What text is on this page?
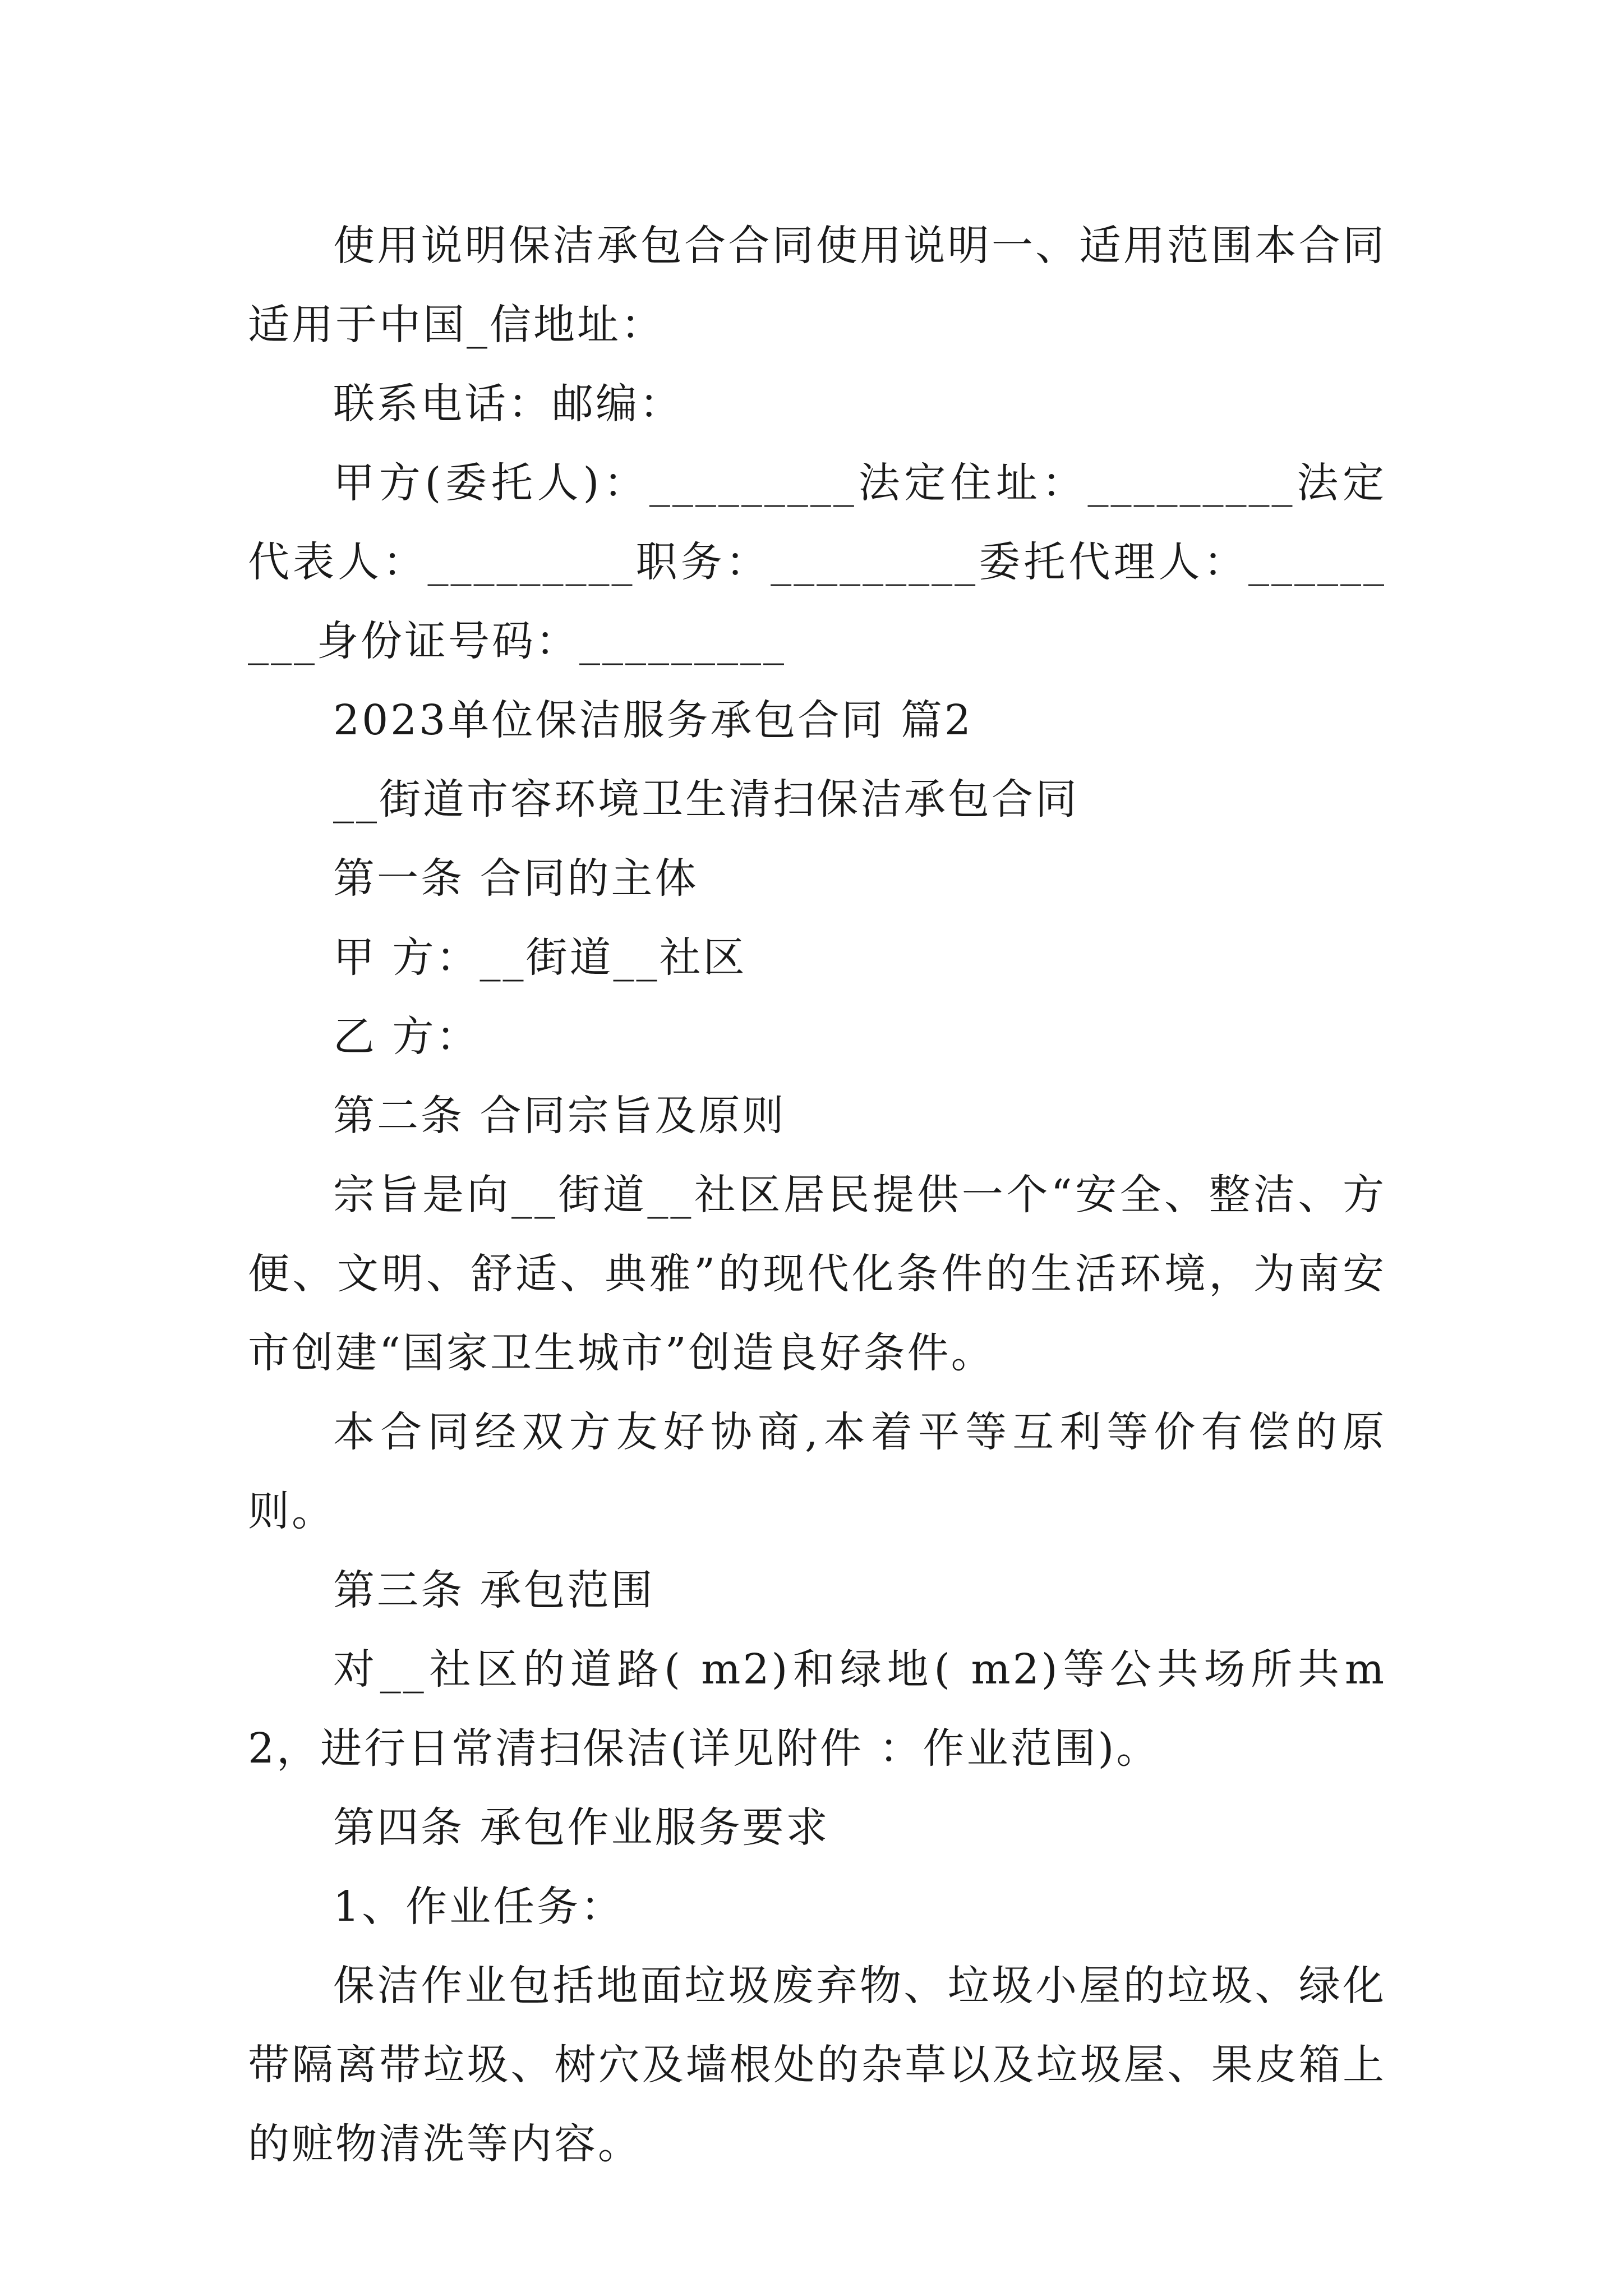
使用说明保洁承包合合同使用说明一、适用范围本合同适用于中国_信地址：

联系电话：邮编：

甲方(委托人)：_________法定住址：_________法定代表人：_________职务：_________委托代理人：_________身份证号码：_________

2023单位保洁服务承包合同 篇2

__街道市容环境卫生清扫保洁承包合同

第一条 合同的主体

甲 方：__街道__社区

乙 方：

第二条 合同宗旨及原则

宗旨是向__街道__社区居民提供一个“安全、整洁、方便、文明、舒适、典雅”的现代化条件的生活环境，为南安市创建“国家卫生城市”创造良好条件。

本合同经双方友好协商,本着平等互利等价有偿的原则。

第三条 承包范围

对__社区的道路( m2)和绿地( m2)等公共场所共m2，进行日常清扫保洁(详见附件 ：作业范围)。

第四条 承包作业服务要求

1、作业任务：

保洁作业包括地面垃圾废弃物、垃圾小屋的垃圾、绿化带隔离带垃圾、树穴及墙根处的杂草以及垃圾屋、果皮箱上的赃物清洗等内容。
